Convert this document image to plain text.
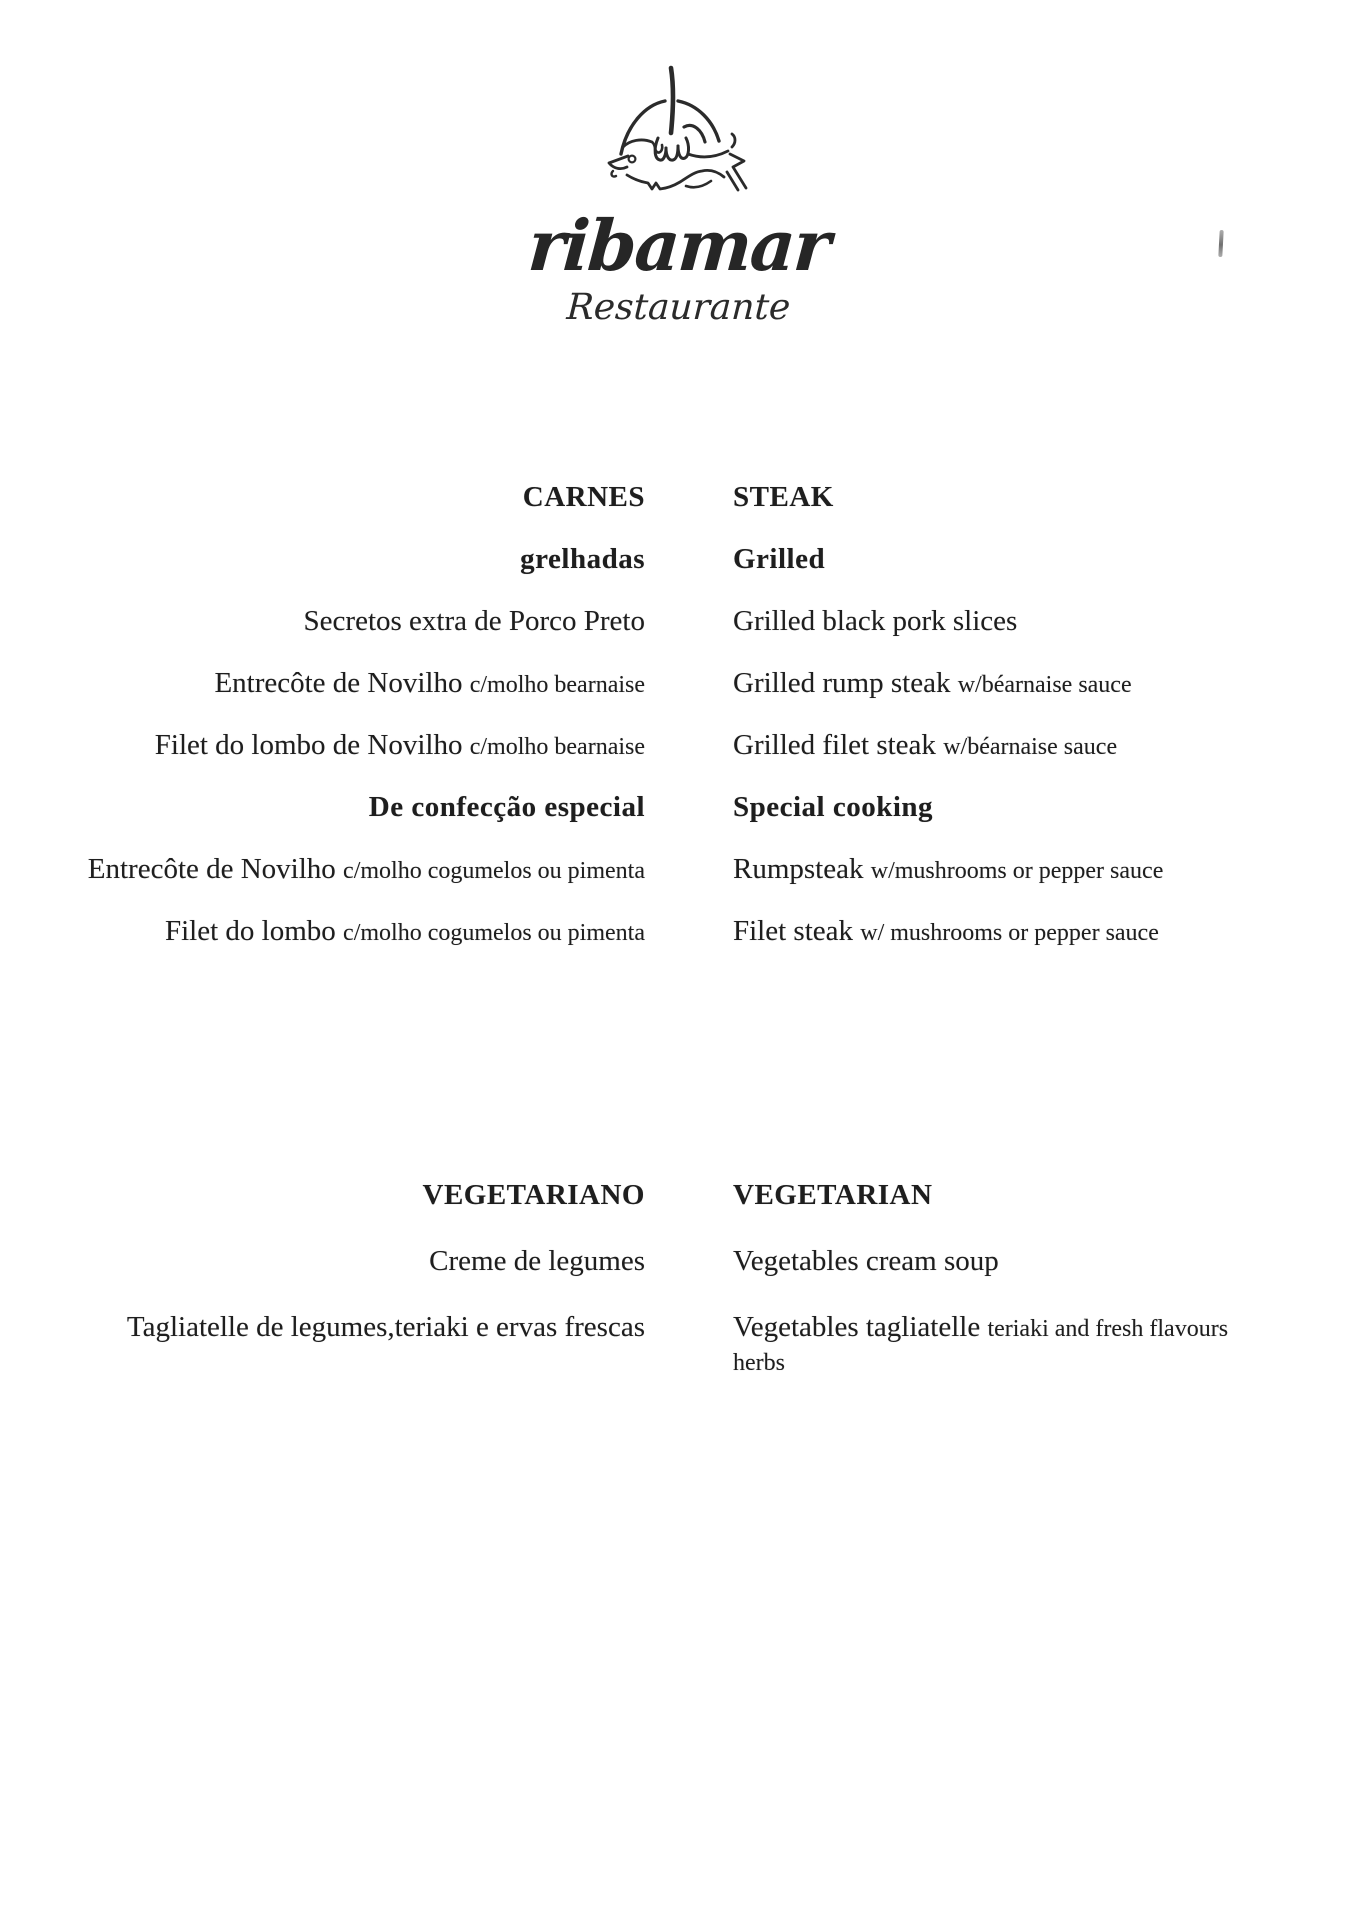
ribamar
Restaurante
CARNES	STEAK
grelhadas	Grilled
Secretos extra de Porco Preto	Grilled black pork slices
Entrecôte de Novilho c/molho bearnaise	Grilled rump steak w/béarnaise sauce
Filet do lombo de Novilho c/molho bearnaise	Grilled filet steak w/béarnaise sauce
De confecção especial	Special cooking
Entrecôte de Novilho c/molho cogumelos ou pimenta	Rumpsteak w/mushrooms or pepper sauce
Filet do lombo c/molho cogumelos ou pimenta	Filet steak w/ mushrooms or pepper sauce
VEGETARIANO	VEGETARIAN
Creme de legumes	Vegetables cream soup
Tagliatelle de legumes,teriaki e ervas frescas	Vegetables tagliatelle teriaki and fresh flavours
herbs
